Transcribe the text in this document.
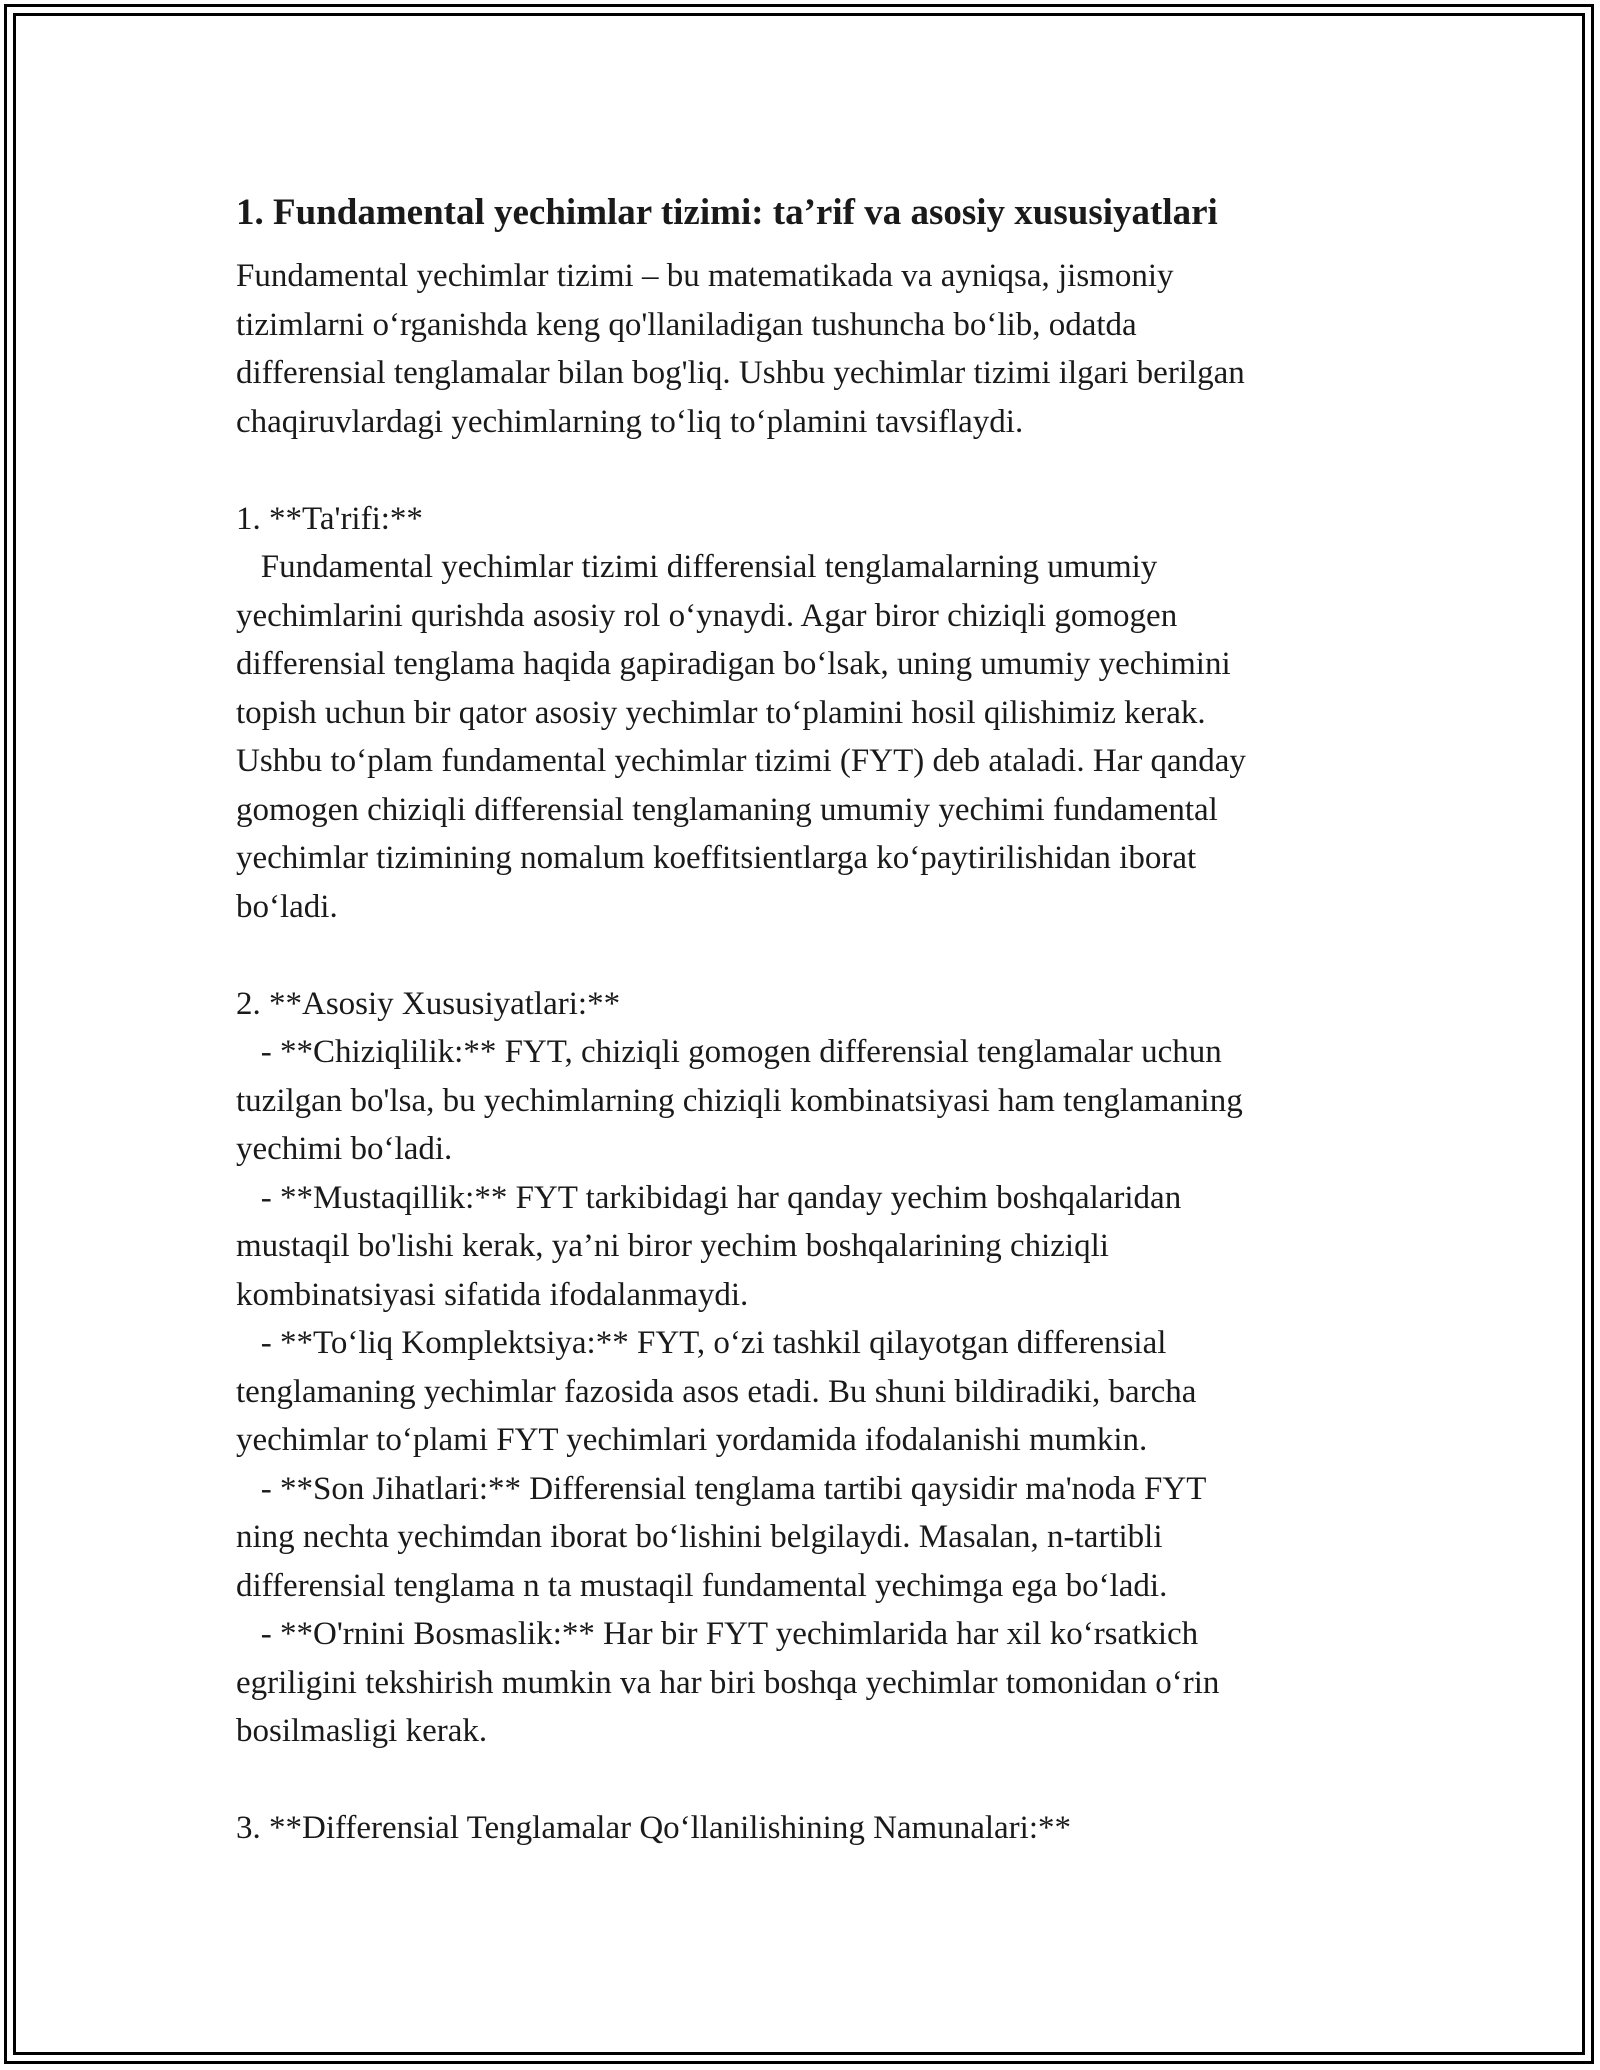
1. Fundamental yechimlar tizimi: ta’rif va asosiy xususiyatlari

Fundamental yechimlar tizimi – bu matematikada va ayniqsa, jismoniy
tizimlarni o‘rganishda keng qo'llaniladigan tushuncha bo‘lib, odatda
differensial tenglamalar bilan bog'liq. Ushbu yechimlar tizimi ilgari berilgan
chaqiruvlardagi yechimlarning to‘liq to‘plamini tavsiflaydi.

1. **Ta'rifi:**

Fundamental yechimlar tizimi differensial tenglamalarning umumiy
yechimlarini qurishda asosiy rol o‘ynaydi. Agar biror chiziqli gomogen
differensial tenglama haqida gapiradigan bo‘lsak, uning umumiy yechimini
topish uchun bir qator asosiy yechimlar to‘plamini hosil qilishimiz kerak.
Ushbu to‘plam fundamental yechimlar tizimi (FYT) deb ataladi. Har qanday
gomogen chiziqli differensial tenglamaning umumiy yechimi fundamental
yechimlar tizimining nomalum koeffitsientlarga ko‘paytirilishidan iborat
bo‘ladi.

2. **Asosiy Xususiyatlari:**

- **Chiziqlilik:** FYT, chiziqli gomogen differensial tenglamalar uchun
tuzilgan bo'lsa, bu yechimlarning chiziqli kombinatsiyasi ham tenglamaning
yechimi bo‘ladi.

- **Mustaqillik:** FYT tarkibidagi har qanday yechim boshqalaridan
mustaqil bo'lishi kerak, ya’ni biror yechim boshqalarining chiziqli
kombinatsiyasi sifatida ifodalanmaydi.

- **To‘liq Komplektsiya:** FYT, o‘zi tashkil qilayotgan differensial
tenglamaning yechimlar fazosida asos etadi. Bu shuni bildiradiki, barcha
yechimlar to‘plami FYT yechimlari yordamida ifodalanishi mumkin.

- **Son Jihatlari:** Differensial tenglama tartibi qaysidir ma'noda FYT
ning nechta yechimdan iborat bo‘lishini belgilaydi. Masalan, n-tartibli
differensial tenglama n ta mustaqil fundamental yechimga ega bo‘ladi.

- **O'rnini Bosmaslik:** Har bir FYT yechimlarida har xil ko‘rsatkich
egriligini tekshirish mumkin va har biri boshqa yechimlar tomonidan o‘rin
bosilmasligi kerak.

3. **Differensial Tenglamalar Qo‘llanilishining Namunalari:**
